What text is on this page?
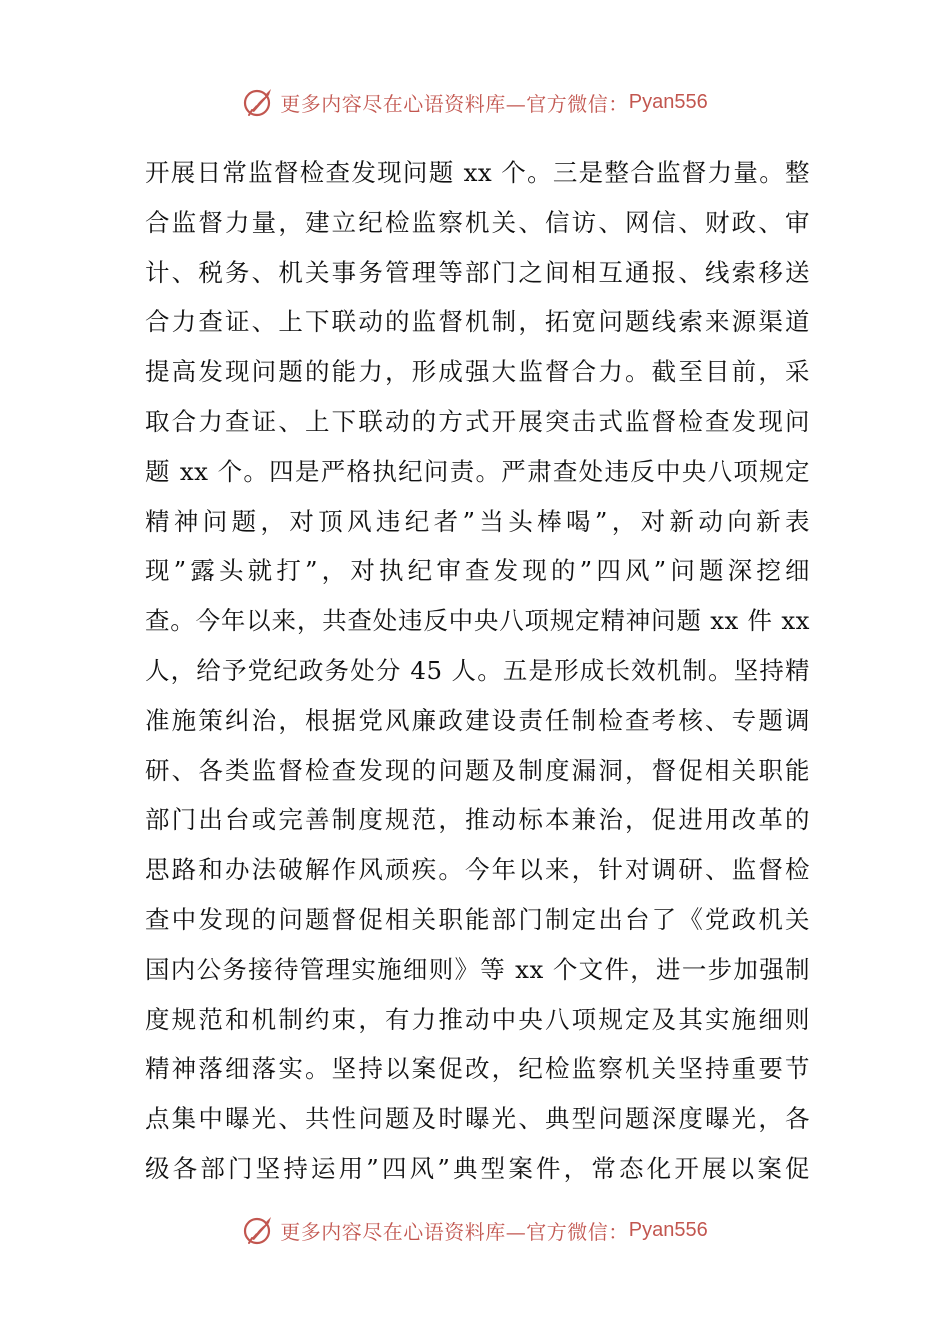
更多内容尽在心语资料库—官方微信： Pyan556
开展日常监督检查发现问题 xx 个。三是整合监督力量。整
合监督力量，建立纪检监察机关、信访、网信、财政、审
计、税务、机关事务管理等部门之间相互通报、线索移送
合力查证、上下联动的监督机制，拓宽问题线索来源渠道
提高发现问题的能力，形成强大监督合力。截至目前，采
取合力查证、上下联动的方式开展突击式监督检查发现问
题 xx 个。四是严格执纪问责。严肃查处违反中央八项规定
精神问题，对顶风违纪者”当头棒喝”，对新动向新表
现”露头就打”，对执纪审查发现的”四风”问题深挖细
查。今年以来，共查处违反中央八项规定精神问题 xx 件 xx
人，给予党纪政务处分 45 人。五是形成长效机制。坚持精
准施策纠治，根据党风廉政建设责任制检查考核、专题调
研、各类监督检查发现的问题及制度漏洞，督促相关职能
部门出台或完善制度规范，推动标本兼治，促进用改革的
思路和办法破解作风顽疾。今年以来，针对调研、监督检
查中发现的问题督促相关职能部门制定出台了《党政机关
国内公务接待管理实施细则》等 xx 个文件，进一步加强制
度规范和机制约束，有力推动中央八项规定及其实施细则
精神落细落实。坚持以案促改，纪检监察机关坚持重要节
点集中曝光、共性问题及时曝光、典型问题深度曝光，各
级各部门坚持运用”四风”典型案件，常态化开展以案促
更多内容尽在心语资料库—官方微信： Pyan556
